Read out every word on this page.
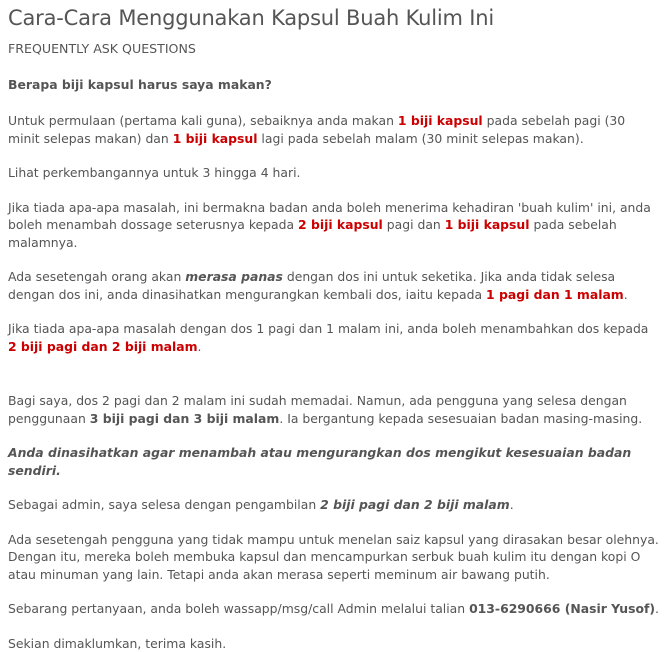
Cara-Cara Menggunakan Kapsul Buah Kulim Ini

FREQUENTLY ASK QUESTIONS

Berapa biji kapsul harus saya makan?

Untuk permulaan (pertama kali guna), sebaiknya anda makan 1 biji kapsul pada sebelah pagi (30 minit selepas makan) dan 1 biji kapsul lagi pada sebelah malam (30 minit selepas makan).

Lihat perkembangannya untuk 3 hingga 4 hari.

Jika tiada apa-apa masalah, ini bermakna badan anda boleh menerima kehadiran 'buah kulim' ini, anda boleh menambah dossage seterusnya kepada 2 biji kapsul pagi dan 1 biji kapsul pada sebelah malamnya.

Ada sesetengah orang akan merasa panas dengan dos ini untuk seketika. Jika anda tidak selesa dengan dos ini, anda dinasihatkan mengurangkan kembali dos, iaitu kepada 1 pagi dan 1 malam.

Jika tiada apa-apa masalah dengan dos 1 pagi dan 1 malam ini, anda boleh menambahkan dos kepada 2 biji pagi dan 2 biji malam.

Bagi saya, dos 2 pagi dan 2 malam ini sudah memadai. Namun, ada pengguna yang selesa dengan penggunaan 3 biji pagi dan 3 biji malam. Ia bergantung kepada sesesuaian badan masing-masing.

Anda dinasihatkan agar menambah atau mengurangkan dos mengikut kesesuaian badan sendiri.

Sebagai admin, saya selesa dengan pengambilan 2 biji pagi dan 2 biji malam.

Ada sesetengah pengguna yang tidak mampu untuk menelan saiz kapsul yang dirasakan besar olehnya. Dengan itu, mereka boleh membuka kapsul dan mencampurkan serbuk buah kulim itu dengan kopi O atau minuman yang lain. Tetapi anda akan merasa seperti meminum air bawang putih.

Sebarang pertanyaan, anda boleh wassapp/msg/call Admin melalui talian 013-6290666 (Nasir Yusof).

Sekian dimaklumkan, terima kasih.
